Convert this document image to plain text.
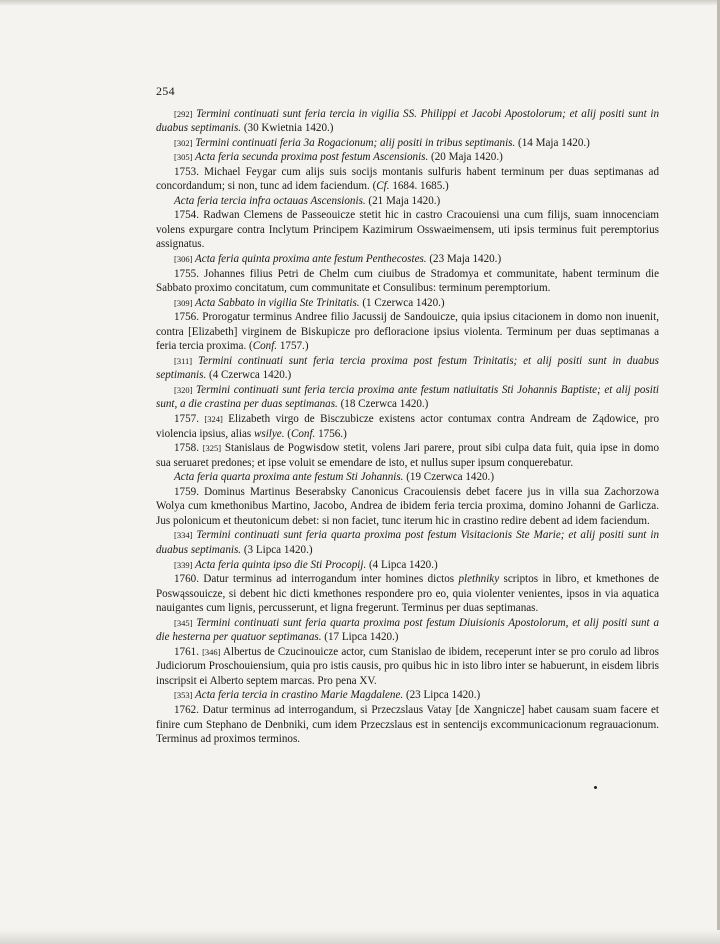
254

[292] Termini continuati sunt feria tercia in vigilia SS. Philippi et Jacobi Apostolorum; et alij positi sunt in duabus septimanis. (30 Kwietnia 1420.)

[302] Termini continuati feria 3a Rogacionum; alij positi in tribus septimanis. (14 Maja 1420.)

[305] Acta feria secunda proxima post festum Ascensionis. (20 Maja 1420.)

1753. Michael Feygar cum alijs suis socijs montanis sulfuris habent terminum per duas septimanas ad concordandum; si non, tunc ad idem faciendum. (Cf. 1684. 1685.)

Acta feria tercia infra octauas Ascensionis. (21 Maja 1420.)

1754. Radwan Clemens de Passeouicze stetit hic in castro Cracouiensi una cum filijs, suam innocenciam volens expurgare contra Inclytum Principem Kazimirum Osswaeimensem, uti ipsis terminus fuit peremptorius assignatus.

[306] Acta feria quinta proxima ante festum Penthecostes. (23 Maja 1420.)

1755. Johannes filius Petri de Chelm cum ciuibus de Stradomya et communitate, habent terminum die Sabbato proximo concitatum, cum communitate et Consulibus: terminum peremptorium.

[309] Acta Sabbato in vigilia Ste Trinitatis. (1 Czerwca 1420.)

1756. Prorogatur terminus Andree filio Jacussij de Sandouicze, quia ipsius citacionem in domo non inuenit, contra [Elizabeth] virginem de Biskupicze pro defloracione ipsius violenta. Terminum per duas septimanas a feria tercia proxima. (Conf. 1757.)

[311] Termini continuati sunt feria tercia proxima post festum Trinitatis; et alij positi sunt in duabus septimanis. (4 Czerwca 1420.)

[320] Termini continuati sunt feria tercia proxima ante festum natiuitatis Sti Johannis Baptiste; et alij positi sunt, a die crastina per duas septimanas. (18 Czerwca 1420.)

1757. [324] Elizabeth virgo de Bisczubicze existens actor contumax contra Andream de Ządowice, pro violencia ipsius, alias wsilye. (Conf. 1756.)

1758. [325] Stanislaus de Pogwisdow stetit, volens Jari parere, prout sibi culpa data fuit, quia ipse in domo sua seruaret predones; et ipse voluit se emendare de isto, et nullus super ipsum conquerebatur.

Acta feria quarta proxima ante festum Sti Johannis. (19 Czerwca 1420.)

1759. Dominus Martinus Beserabsky Canonicus Cracouiensis debet facere jus in villa sua Zachorzowa Wolya cum kmethonibus Martino, Jacobo, Andrea de ibidem feria tercia proxima, domino Johanni de Garlicza. Jus polonicum et theutonicum debet: si non faciet, tunc iterum hic in crastino redire debent ad idem faciendum.

[334] Termini continuati sunt feria quarta proxima post festum Visitacionis Ste Marie; et alij positi sunt in duabus septimanis. (3 Lipca 1420.)

[339] Acta feria quinta ipso die Sti Procopij. (4 Lipca 1420.)

1760. Datur terminus ad interrogandum inter homines dictos plethniky scriptos in libro, et kmethones de Poswąssouicze, si debent hic dicti kmethones respondere pro eo, quia violenter venientes, ipsos in via aquatica nauigantes cum lignis, percusserunt, et ligna fregerunt. Terminus per duas septimanas.

[345] Termini continuati sunt feria quarta proxima post festum Diuisionis Apostolorum, et alij positi sunt a die hesterna per quatuor septimanas. (17 Lipca 1420.)

1761. [346] Albertus de Czucinouicze actor, cum Stanislao de ibidem, receperunt inter se pro corulo ad libros Judiciorum Proschouiensium, quia pro istis causis, pro quibus hic in isto libro inter se habuerunt, in eisdem libris inscripsit ei Alberto septem marcas. Pro pena XV.

[353] Acta feria tercia in crastino Marie Magdalene. (23 Lipca 1420.)

1762. Datur terminus ad interrogandum, si Przeczslaus Vatay [de Xangnicze] habet causam suam facere et finire cum Stephano de Denbniki, cum idem Przeczslaus est in sentencijs excommunicacionum regrauacionum. Terminus ad proximos terminos.
